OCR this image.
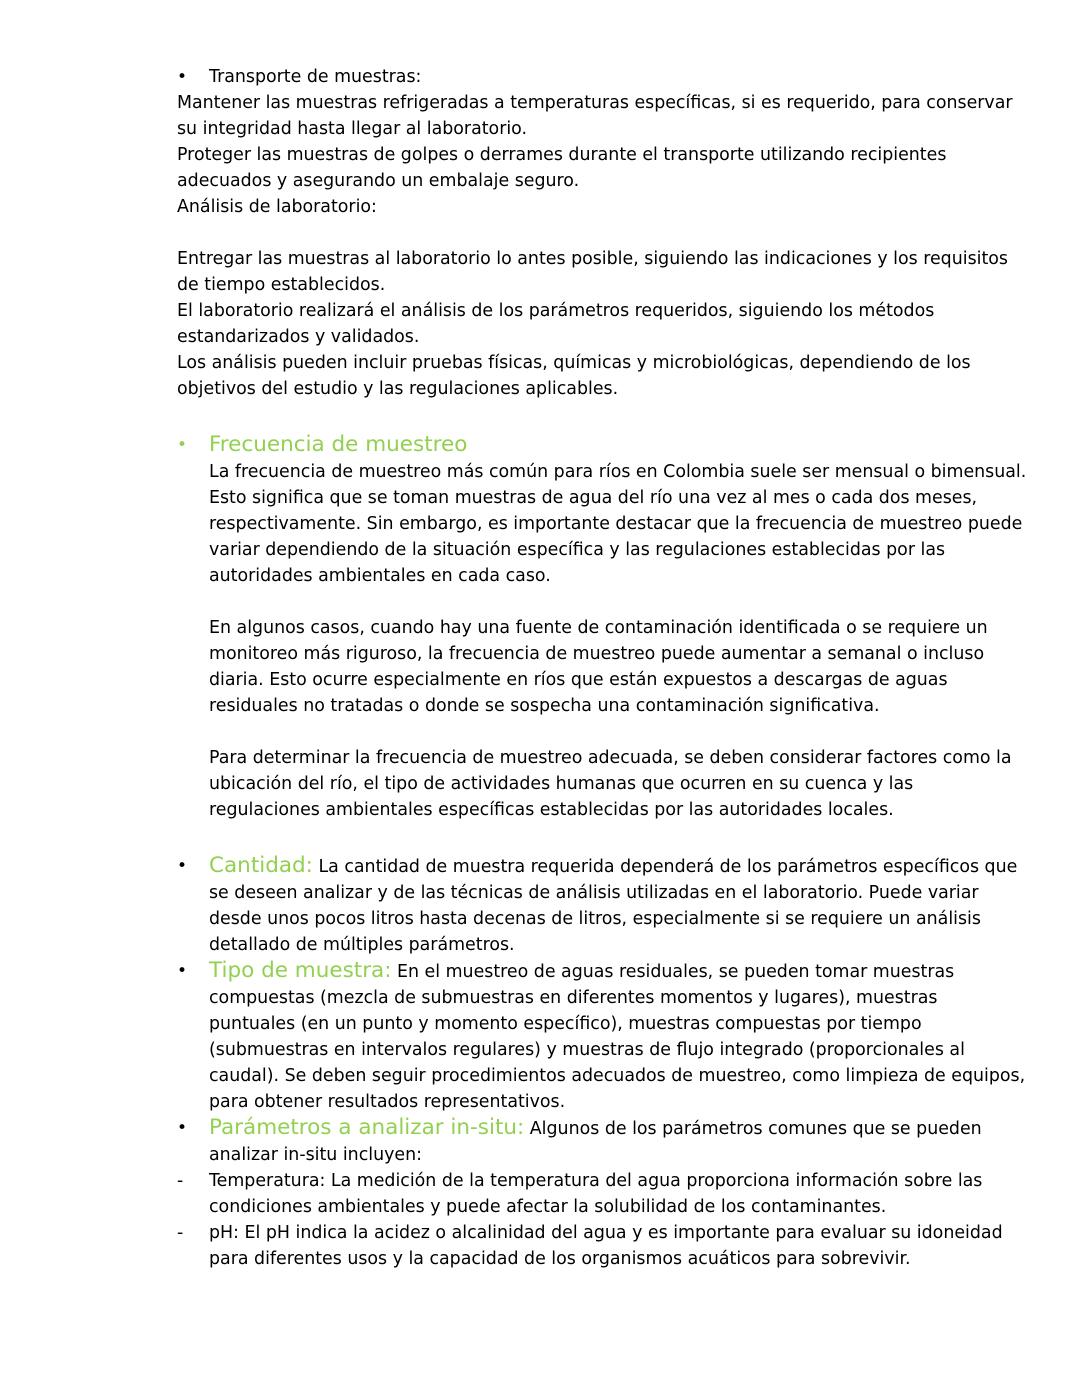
•	Transporte de muestras:

Mantener las muestras refrigeradas a temperaturas específicas, si es requerido, para conservar su integridad hasta llegar al laboratorio.

Proteger las muestras de golpes o derrames durante el transporte utilizando recipientes adecuados y asegurando un embalaje seguro.

Análisis de laboratorio:

Entregar las muestras al laboratorio lo antes posible, siguiendo las indicaciones y los requisitos de tiempo establecidos.

El laboratorio realizará el análisis de los parámetros requeridos, siguiendo los métodos estandarizados y validados.

Los análisis pueden incluir pruebas físicas, químicas y microbiológicas, dependiendo de los objetivos del estudio y las regulaciones aplicables.

•	Frecuencia de muestreo

La frecuencia de muestreo más común para ríos en Colombia suele ser mensual o bimensual. Esto significa que se toman muestras de agua del río una vez al mes o cada dos meses, respectivamente. Sin embargo, es importante destacar que la frecuencia de muestreo puede variar dependiendo de la situación específica y las regulaciones establecidas por las autoridades ambientales en cada caso.

En algunos casos, cuando hay una fuente de contaminación identificada o se requiere un monitoreo más riguroso, la frecuencia de muestreo puede aumentar a semanal o incluso diaria. Esto ocurre especialmente en ríos que están expuestos a descargas de aguas residuales no tratadas o donde se sospecha una contaminación significativa.

Para determinar la frecuencia de muestreo adecuada, se deben considerar factores como la ubicación del río, el tipo de actividades humanas que ocurren en su cuenca y las regulaciones ambientales específicas establecidas por las autoridades locales.

•	Cantidad: La cantidad de muestra requerida dependerá de los parámetros específicos que se deseen analizar y de las técnicas de análisis utilizadas en el laboratorio. Puede variar desde unos pocos litros hasta decenas de litros, especialmente si se requiere un análisis detallado de múltiples parámetros.
•	Tipo de muestra: En el muestreo de aguas residuales, se pueden tomar muestras compuestas (mezcla de submuestras en diferentes momentos y lugares), muestras puntuales (en un punto y momento específico), muestras compuestas por tiempo (submuestras en intervalos regulares) y muestras de flujo integrado (proporcionales al caudal). Se deben seguir procedimientos adecuados de muestreo, como limpieza de equipos, para obtener resultados representativos.
•	Parámetros a analizar in-situ: Algunos de los parámetros comunes que se pueden analizar in-situ incluyen:
- Temperatura: La medición de la temperatura del agua proporciona información sobre las condiciones ambientales y puede afectar la solubilidad de los contaminantes.
- pH: El pH indica la acidez o alcalinidad del agua y es importante para evaluar su idoneidad para diferentes usos y la capacidad de los organismos acuáticos para sobrevivir.
